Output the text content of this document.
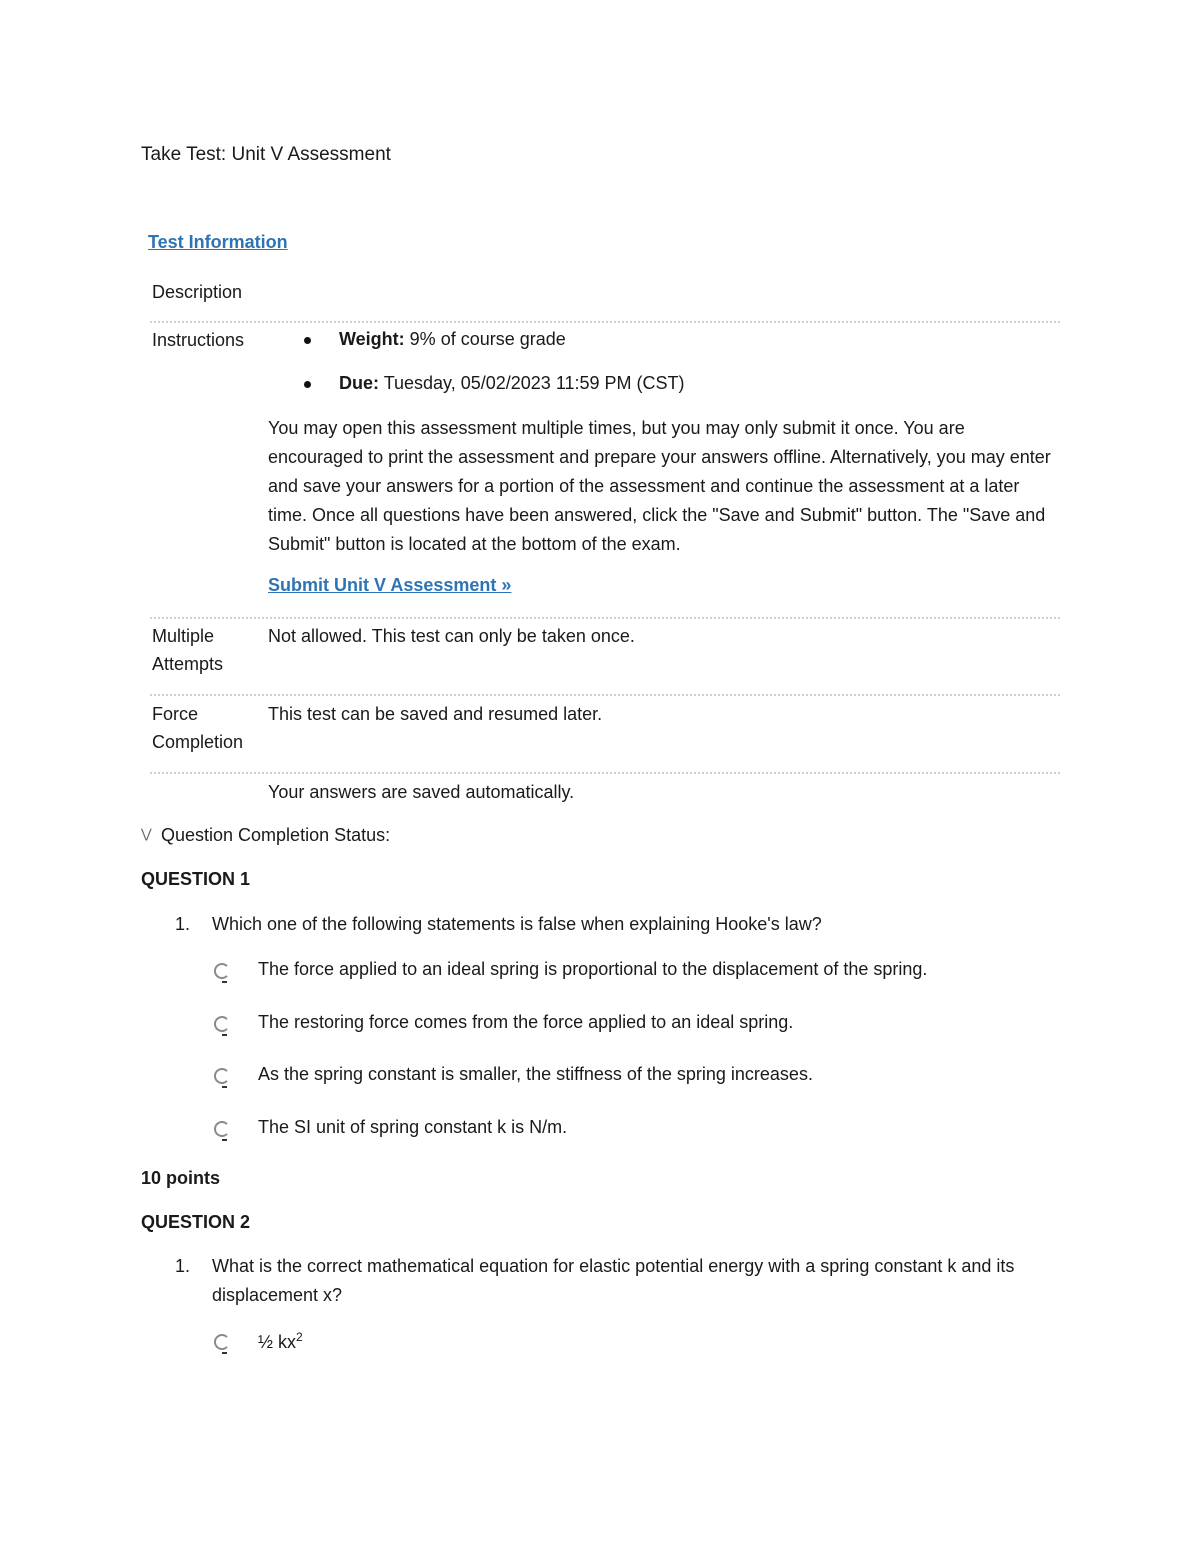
Take Test: Unit V Assessment
Test Information
Description
Instructions	Weight: 9% of course grade
Due: Tuesday, 05/02/2023 11:59 PM (CST)
You may open this assessment multiple times, but you may only submit it once. You are encouraged to print the assessment and prepare your answers offline. Alternatively, you may enter and save your answers for a portion of the assessment and continue the assessment at a later time. Once all questions have been answered, click the "Save and Submit" button. The "Save and Submit" button is located at the bottom of the exam.
Submit Unit V Assessment »
Multiple
Attempts
Not allowed. This test can only be taken once.
Force
Completion
This test can be saved and resumed later.
Your answers are saved automatically.
⋁ Question Completion Status:
QUESTION 1
1. Which one of the following statements is false when explaining Hooke's law?
The force applied to an ideal spring is proportional to the displacement of the spring.
The restoring force comes from the force applied to an ideal spring.
As the spring constant is smaller, the stiffness of the spring increases.
The SI unit of spring constant k is N/m.
10 points
QUESTION 2
1. What is the correct mathematical equation for elastic potential energy with a spring constant k and its displacement x?
½ $kx^2$
